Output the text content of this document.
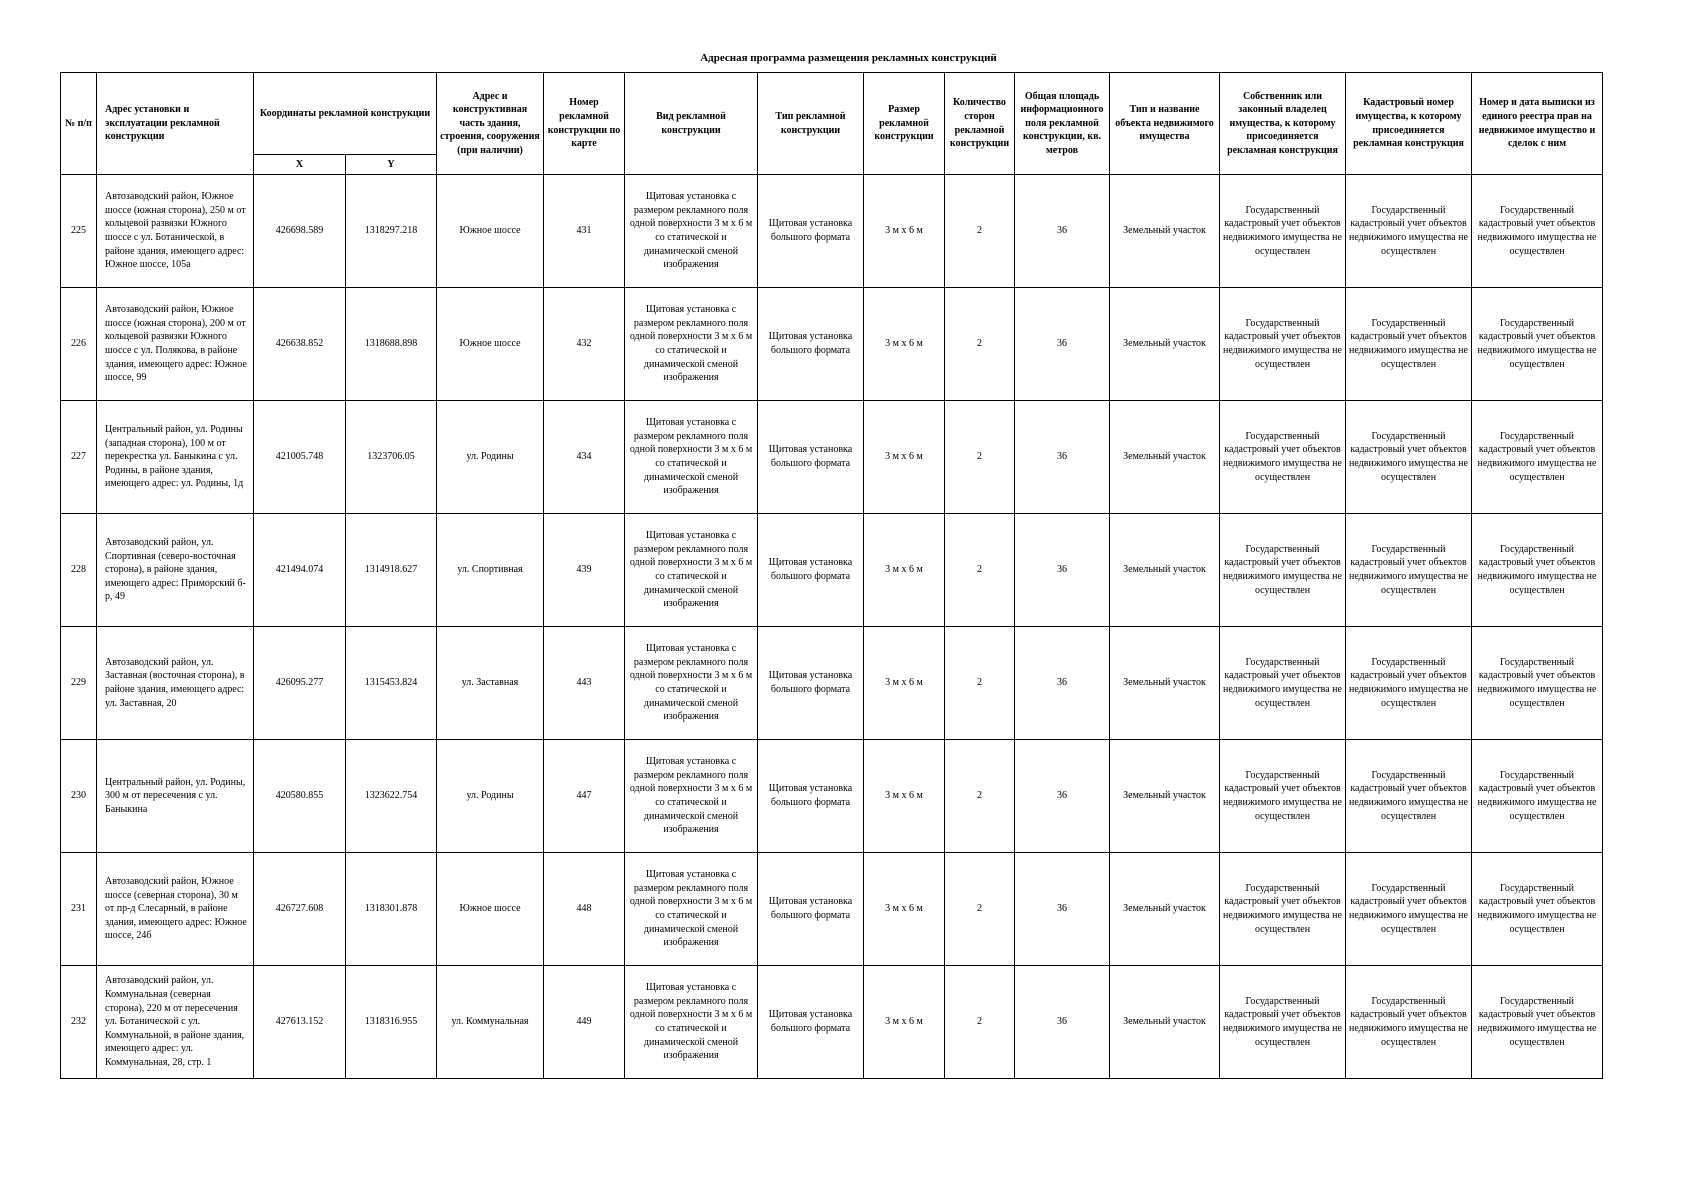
Адресная программа размещения рекламных конструкций
№ п/п	Адрес установки и эксплуатации рекламной конструкции	Координаты рекламной конструкции		Адрес и конструктивная часть здания, строения, сооружения (при наличии)	Номер рекламной конструкции по карте	Вид рекламной конструкции	Тип рекламной конструкции	Размер рекламной конструкции	Количество сторон рекламной конструкции	Общая площадь информационного поля рекламной конструкции, кв. метров	Тип и название объекта недвижимого имущества	Собственник или законный владелец имущества, к которому присоединяется рекламная конструкция	Кадастровый номер имущества, к которому присоединяется рекламная конструкция	Номер и дата выписки из единого реестра прав на недвижимое имущество и сделок с ним
		X	Y											
225	Автозаводский район, Южное шоссе (южная сторона), 250 м от кольцевой развязки Южного шоссе с ул. Ботанической, в районе здания, имеющего адрес: Южное шоссе, 105а	426698.589	1318297.218	Южное шоссе	431	Щитовая установка с размером рекламного поля одной поверхности 3 м х 6 м со статической и динамической сменой изображения	Щитовая установка большого формата	3 м х 6 м	2	36	Земельный участок	Государственный кадастровый учет объектов недвижимого имущества не осуществлен	Государственный кадастровый учет объектов недвижимого имущества не осуществлен	Государственный кадастровый учет объектов недвижимого имущества не осуществлен
226	Автозаводский район, Южное шоссе (южная сторона), 200 м от кольцевой развязки Южного шоссе с ул. Полякова, в районе здания, имеющего адрес: Южное шоссе, 99	426638.852	1318688.898	Южное шоссе	432	Щитовая установка с размером рекламного поля одной поверхности 3 м х 6 м со статической и динамической сменой изображения	Щитовая установка большого формата	3 м х 6 м	2	36	Земельный участок	Государственный кадастровый учет объектов недвижимого имущества не осуществлен	Государственный кадастровый учет объектов недвижимого имущества не осуществлен	Государственный кадастровый учет объектов недвижимого имущества не осуществлен
227	Центральный район, ул. Родины (западная сторона), 100 м от перекрестка ул. Баныкина с ул. Родины, в районе здания, имеющего адрес: ул. Родины, 1д	421005.748	1323706.05	ул. Родины	434	Щитовая установка с размером рекламного поля одной поверхности 3 м х 6 м со статической и динамической сменой изображения	Щитовая установка большого формата	3 м х 6 м	2	36	Земельный участок	Государственный кадастровый учет объектов недвижимого имущества не осуществлен	Государственный кадастровый учет объектов недвижимого имущества не осуществлен	Государственный кадастровый учет объектов недвижимого имущества не осуществлен
228	Автозаводский район, ул. Спортивная (северо-восточная сторона), в районе здания, имеющего адрес: Приморский б-р, 49	421494.074	1314918.627	ул. Спортивная	439	Щитовая установка с размером рекламного поля одной поверхности 3 м х 6 м со статической и динамической сменой изображения	Щитовая установка большого формата	3 м х 6 м	2	36	Земельный участок	Государственный кадастровый учет объектов недвижимого имущества не осуществлен	Государственный кадастровый учет объектов недвижимого имущества не осуществлен	Государственный кадастровый учет объектов недвижимого имущества не осуществлен
229	Автозаводский район, ул. Заставная (восточная сторона), в районе здания, имеющего адрес: ул. Заставная, 20	426095.277	1315453.824	ул. Заставная	443	Щитовая установка с размером рекламного поля одной поверхности 3 м х 6 м со статической и динамической сменой изображения	Щитовая установка большого формата	3 м х 6 м	2	36	Земельный участок	Государственный кадастровый учет объектов недвижимого имущества не осуществлен	Государственный кадастровый учет объектов недвижимого имущества не осуществлен	Государственный кадастровый учет объектов недвижимого имущества не осуществлен
230	Центральный район, ул. Родины, 300 м от пересечения с ул. Баныкина	420580.855	1323622.754	ул. Родины	447	Щитовая установка с размером рекламного поля одной поверхности 3 м х 6 м со статической и динамической сменой изображения	Щитовая установка большого формата	3 м х 6 м	2	36	Земельный участок	Государственный кадастровый учет объектов недвижимого имущества не осуществлен	Государственный кадастровый учет объектов недвижимого имущества не осуществлен	Государственный кадастровый учет объектов недвижимого имущества не осуществлен
231	Автозаводский район, Южное шоссе (северная сторона), 30 м от пр-д Слесарный, в районе здания, имеющего адрес: Южное шоссе, 24б	426727.608	1318301.878	Южное шоссе	448	Щитовая установка с размером рекламного поля одной поверхности 3 м х 6 м со статической и динамической сменой изображения	Щитовая установка большого формата	3 м х 6 м	2	36	Земельный участок	Государственный кадастровый учет объектов недвижимого имущества не осуществлен	Государственный кадастровый учет объектов недвижимого имущества не осуществлен	Государственный кадастровый учет объектов недвижимого имущества не осуществлен
232	Автозаводский район, ул. Коммунальная (северная сторона), 220 м от пересечения ул. Ботанической с ул. Коммунальной, в районе здания, имеющего адрес: ул. Коммунальная, 28, стр. 1	427613.152	1318316.955	ул. Коммунальная	449	Щитовая установка с размером рекламного поля одной поверхности 3 м х 6 м со статической и динамической сменой изображения	Щитовая установка большого формата	3 м х 6 м	2	36	Земельный участок	Государственный кадастровый учет объектов недвижимого имущества не осуществлен	Государственный кадастровый учет объектов недвижимого имущества не осуществлен	Государственный кадастровый учет объектов недвижимого имущества не осуществлен
